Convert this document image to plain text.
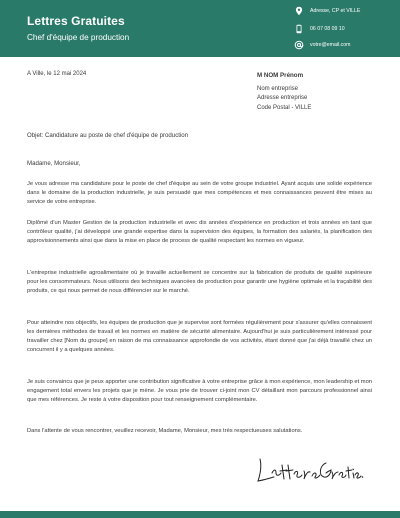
Lettres Gratuites
Chef d'équipe de production
Adresse, CP et VILLE
06 07 08 09 10
votre@email.com
A Ville, le 12 mai 2024	M NOM Prénom
Nom entreprise
Adresse entreprise
Code Postal - VILLE
Objet: Candidature au poste de chef d'équipe de production
Madame, Monsieur,
Je vous adresse ma candidature pour le poste de chef d'équipe au sein de votre groupe industriel. Ayant acquis une solide expérience dans le domaine de la production industrielle, je suis persuadé que mes compétences et mes connaissances peuvent être mises au service de votre entreprise.
Diplômé d'un Master Gestion de la production industrielle et avec dix années d'expérience en production et trois années en tant que contrôleur qualité, j'ai développé une grande expertise dans la supervision des équipes, la formation des salariés, la planification des approvisionnements ainsi que dans la mise en place de process de qualité respectant les normes en vigueur.
L'entreprise industrielle agroalimentaire où je travaille actuellement se concentre sur la fabrication de produits de qualité supérieure pour les consommateurs. Nous utilisons des techniques avancées de production pour garantir une hygiène optimale et la traçabilité des produits, ce qui nous permet de nous différencier sur le marché.
Pour atteindre nos objectifs, les équipes de production que je supervise sont formées régulièrement pour s'assurer qu'elles connaissent les dernières méthodes de travail et les normes en matière de sécurité alimentaire. Aujourd'hui je suis particulièrement intéressé pour travailler chez [Nom du groupe] en raison de ma connaissance approfondie de vos activités, étant donné que j'ai déjà travaillé chez un concurrent il y a quelques années.
Je suis convaincu que je peux apporter une contribution significative à votre entreprise grâce à mon expérience, mon leadership et mon engagement total envers les projets que je mène. Je vous prie de trouver ci-joint mon CV détaillant mon parcours professionnel ainsi que mes références. Je reste à votre disposition pour tout renseignement complémentaire.
Dans l'attente de vous rencontrer, veuillez recevoir, Madame, Monsieur, mes très respectueuses salutations.
